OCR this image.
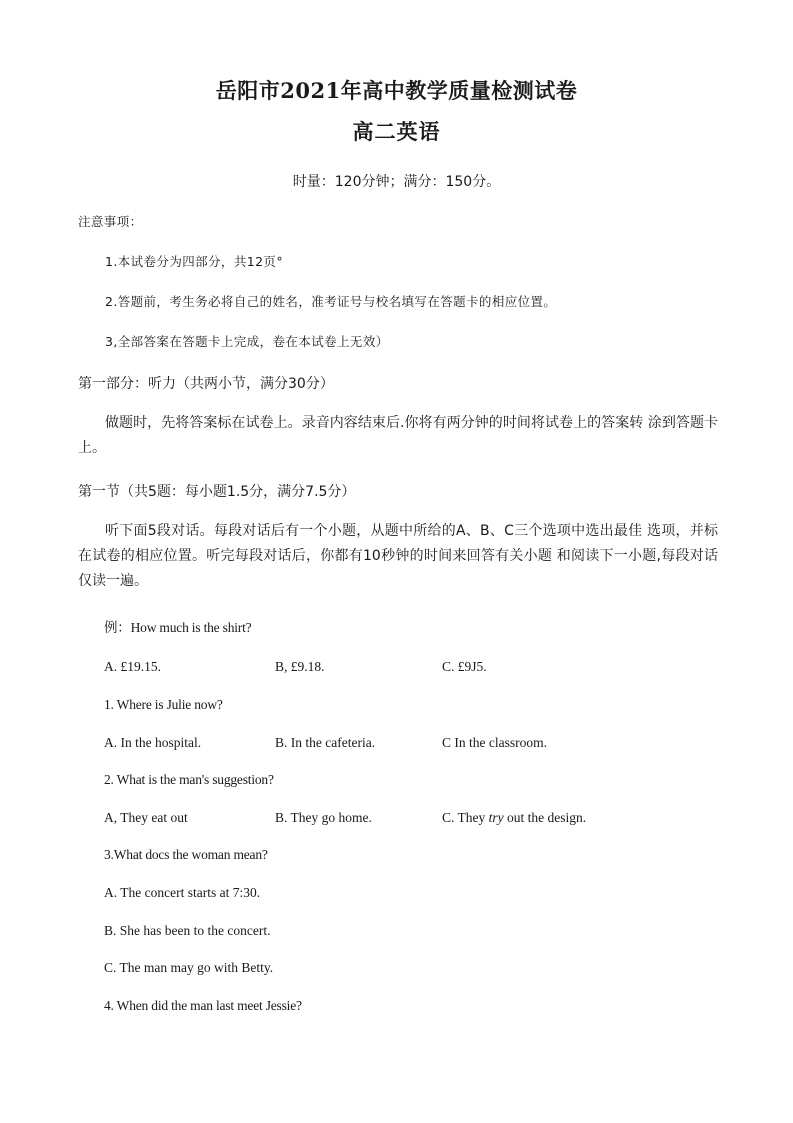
岳阳市2021年高中教学质量检测试卷
高二英语
时量：120分钟；满分：150分。
注意事项：
1.本试卷分为四部分，共12页°
2.答题前，考生务必将自己的姓名，准考证号与校名填写在答题卡的相应位置。
3,全部答案在答题卡上完成，卷在本试卷上无效）
第一部分：听力（共两小节，满分30分）
做题时，先将答案标在试卷上。录音内容结束后.你将有两分钟的时间将试卷上的答案转 涂到答题卡上。
第一节（共5题：每小题1.5分，满分7.5分）
听下面5段对话。每段对话后有一个小题，从题中所给的A、B、C三个选项中选出最佳 选项，并标在试卷的相应位置。听完每段对话后，你都有10秒钟的时间来回答有关小题 和阅读下一小题,每段对话仅读一遍。
例：How much is the shirt?
A. £19.15.	B, £9.18.	C. £9J5.
1. Where is Julie now?
A. In the hospital.	B. In the cafeteria.	C In the classroom.
2. What is the man's suggestion?
A, They eat out	B. They go home.	C. They try out the design.
3.What docs the woman mean?
A. The concert starts at 7:30.
B. She has been to the concert.
C. The man may go with Betty.
4. When did the man last meet Jessie?
